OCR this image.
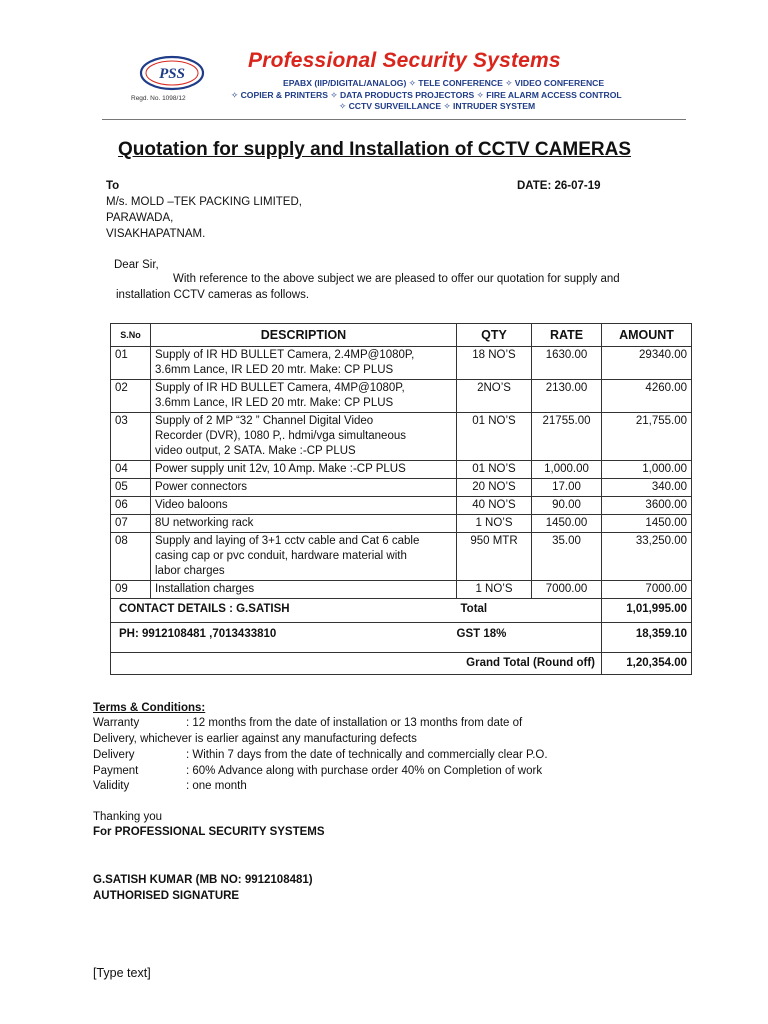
PSS
Regd. No. 1098/12
Professional Security Systems
EPABX (IIP/DIGITAL/ANALOG) ✧ TELE CONFERENCE ✧ VIDEO CONFERENCE
✧ COPIER & PRINTERS ✧ DATA PRODUCTS PROJECTORS ✧ FIRE ALARM ACCESS CONTROL
✧ CCTV SURVEILLANCE ✧ INTRUDER SYSTEM
Quotation for supply and Installation of CCTV CAMERAS
To	DATE: 26-07-19
M/s. MOLD –TEK PACKING LIMITED,
PARAWADA,
VISAKHAPATNAM.
Dear Sir,
With reference to the above subject we are pleased to offer our quotation for supply and
installation CCTV cameras as follows.
S.No	DESCRIPTION	QTY	RATE	AMOUNT
01	Supply of IR HD BULLET Camera, 2.4MP@1080P,
3.6mm Lance, IR LED 20 mtr. Make: CP PLUS	18 NO’S	1630.00	29340.00
02	Supply of IR HD BULLET Camera, 4MP@1080P,
3.6mm Lance, IR LED 20 mtr. Make: CP PLUS	2NO’S	2130.00	4260.00
03	Supply of 2 MP “32 ” Channel Digital Video
Recorder (DVR), 1080 P,. hdmi/vga simultaneous
video output, 2 SATA. Make :-CP PLUS	01 NO’S	21755.00	21,755.00
04	Power supply unit 12v, 10 Amp. Make :-CP PLUS	01 NO’S	1,000.00	1,000.00
05	Power connectors	20 NO’S	17.00	340.00
06	Video baloons	40 NO’S	90.00	3600.00
07	8U networking rack	1 NO’S	1450.00	1450.00
08	Supply and laying of 3+1 cctv cable and Cat 6 cable
casing cap or pvc conduit, hardware material with
labor charges	950 MTR	35.00	33,250.00
09	Installation charges	1 NO’S	7000.00	7000.00
CONTACT DETAILS : G.SATISH		Total		1,01,995.00
PH: 9912108481 ,7013433810		GST 18%		18,359.10
Grand Total (Round off)				1,20,354.00
Terms & Conditions:
Warranty	: 12 months from the date of installation or 13 months from date of
Delivery, whichever is earlier against any manufacturing defects
Delivery	: Within 7 days from the date of technically and commercially clear P.O.
Payment	: 60% Advance along with purchase order 40% on Completion of work
Validity	: one month
Thanking you
For PROFESSIONAL SECURITY SYSTEMS
G.SATISH KUMAR (MB NO: 9912108481)
AUTHORISED SIGNATURE
[Type text]
